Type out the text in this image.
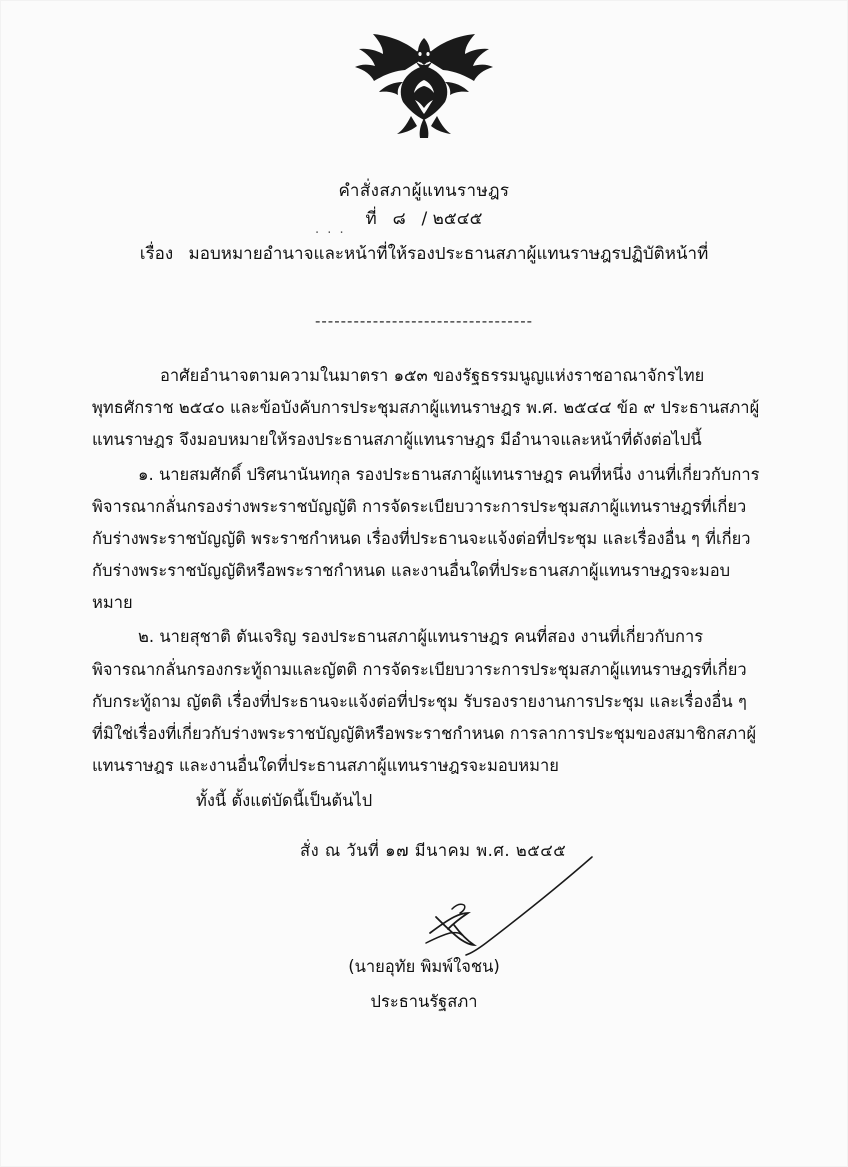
คำสั่งสภาผู้แทนราษฎร
ที่ ๘ / ๒๕๔๕
เรื่อง มอบหมายอำนาจและหน้าที่ให้รองประธานสภาผู้แทนราษฎรปฏิบัติหน้าที่
· · ·
----------------------------------

อาศัยอำนาจตามความในมาตรา ๑๕๓ ของรัฐธรรมนูญแห่งราชอาณาจักรไทย พุทธศักราช ๒๕๔๐ และข้อบังคับการประชุมสภาผู้แทนราษฎร พ.ศ. ๒๕๔๔ ข้อ ๙ ประธานสภาผู้แทนราษฎร จึงมอบหมายให้รองประธานสภาผู้แทนราษฎร มีอำนาจและหน้าที่ดังต่อไปนี้

๑. นายสมศักดิ์ ปริศนานันทกุล รองประธานสภาผู้แทนราษฎร คนที่หนึ่ง งานที่เกี่ยวกับการพิจารณากลั่นกรองร่างพระราชบัญญัติ การจัดระเบียบวาระการประชุมสภาผู้แทนราษฎรที่เกี่ยวกับร่างพระราชบัญญัติ พระราชกำหนด เรื่องที่ประธานจะแจ้งต่อที่ประชุม และเรื่องอื่น ๆ ที่เกี่ยวกับร่างพระราชบัญญัติหรือพระราชกำหนด และงานอื่นใดที่ประธานสภาผู้แทนราษฎรจะมอบหมาย

๒. นายสุชาติ ตันเจริญ รองประธานสภาผู้แทนราษฎร คนที่สอง งานที่เกี่ยวกับการพิจารณากลั่นกรองกระทู้ถามและญัตติ การจัดระเบียบวาระการประชุมสภาผู้แทนราษฎรที่เกี่ยวกับกระทู้ถาม ญัตติ เรื่องที่ประธานจะแจ้งต่อที่ประชุม รับรองรายงานการประชุม และเรื่องอื่น ๆ ที่มิใช่เรื่องที่เกี่ยวกับร่างพระราชบัญญัติหรือพระราชกำหนด การลาการประชุมของสมาชิกสภาผู้แทนราษฎร และงานอื่นใดที่ประธานสภาผู้แทนราษฎรจะมอบหมาย

ทั้งนี้ ตั้งแต่บัดนี้เป็นต้นไป
สั่ง ณ วันที่ ๑๗ มีนาคม พ.ศ. ๒๕๔๕
(นายอุทัย พิมพ์ใจชน)
ประธานรัฐสภา
